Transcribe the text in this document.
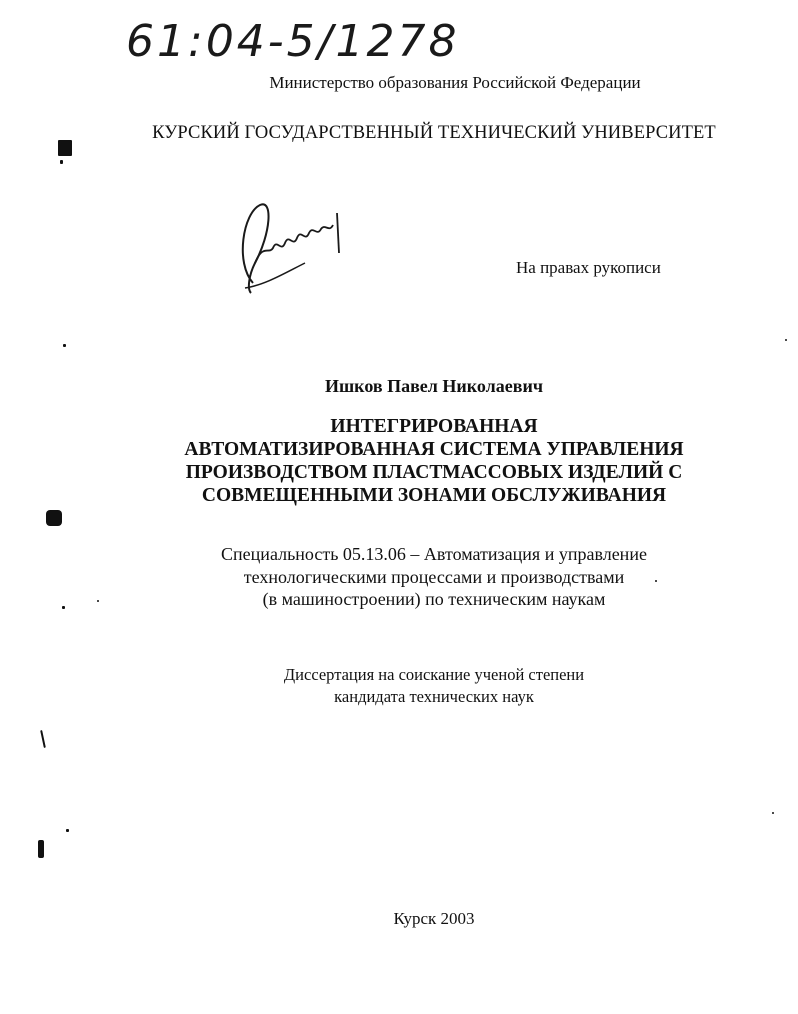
61:04-5/1278
Министерство образования Российской Федерации
КУРСКИЙ ГОСУДАРСТВЕННЫЙ ТЕХНИЧЕСКИЙ УНИВЕРСИТЕТ
На правах рукописи
Ишков Павел Николаевич
ИНТЕГРИРОВАННАЯ
АВТОМАТИЗИРОВАННАЯ СИСТЕМА УПРАВЛЕНИЯ
ПРОИЗВОДСТВОМ ПЛАСТМАССОВЫХ ИЗДЕЛИЙ С
СОВМЕЩЕННЫМИ ЗОНАМИ ОБСЛУЖИВАНИЯ
Специальность 05.13.06 – Автоматизация и управление
технологическими процессами и производствами
(в машиностроении) по техническим наукам
Диссертация на соискание ученой степени
кандидата технических наук
Курск 2003
